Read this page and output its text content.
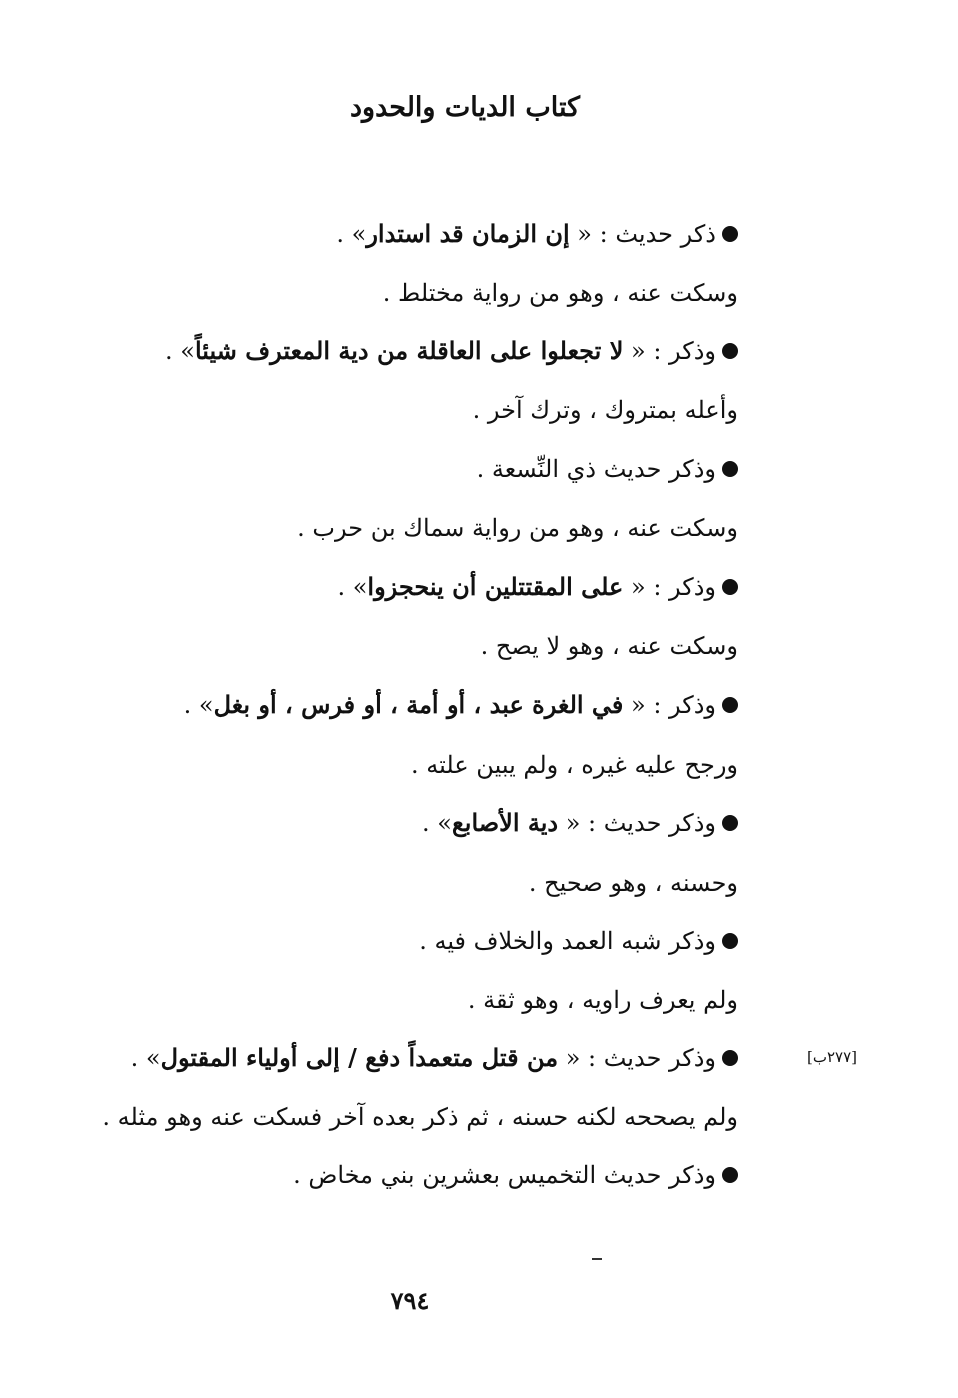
كتاب الديات والحدود
ذكر حديث : « إن الزمان قد استدار» .
وسكت عنه ، وهو من رواية مختلط .
وذكر : « لا تجعلوا على العاقلة من دية المعترف شيئاً» .
وأعله بمتروك ، وترك آخر .
وذكر حديث ذي النِّسعة .
وسكت عنه ، وهو من رواية سماك بن حرب .
وذكر : « على المقتتلين أن ينحجزوا» .
وسكت عنه ، وهو لا يصح .
وذكر : « في الغرة عبد ، أو أمة ، أو فرس ، أو بغل» .
ورجح عليه غيره ، ولم يبين علته .
وذكر حديث : « دية الأصابع» .
وحسنه ، وهو صحيح .
وذكر شبه العمد والخلاف فيه .
ولم يعرف راويه ، وهو ثقة .
وذكر حديث : « من قتل متعمداً دفع / إلى أولياء المقتول» .
ولم يصححه لكنه حسنه ، ثم ذكر بعده آخر فسكت عنه وهو مثله .
وذكر حديث التخميس بعشرين بني مخاض .
[٢٧٧ب]
٧٩٤
